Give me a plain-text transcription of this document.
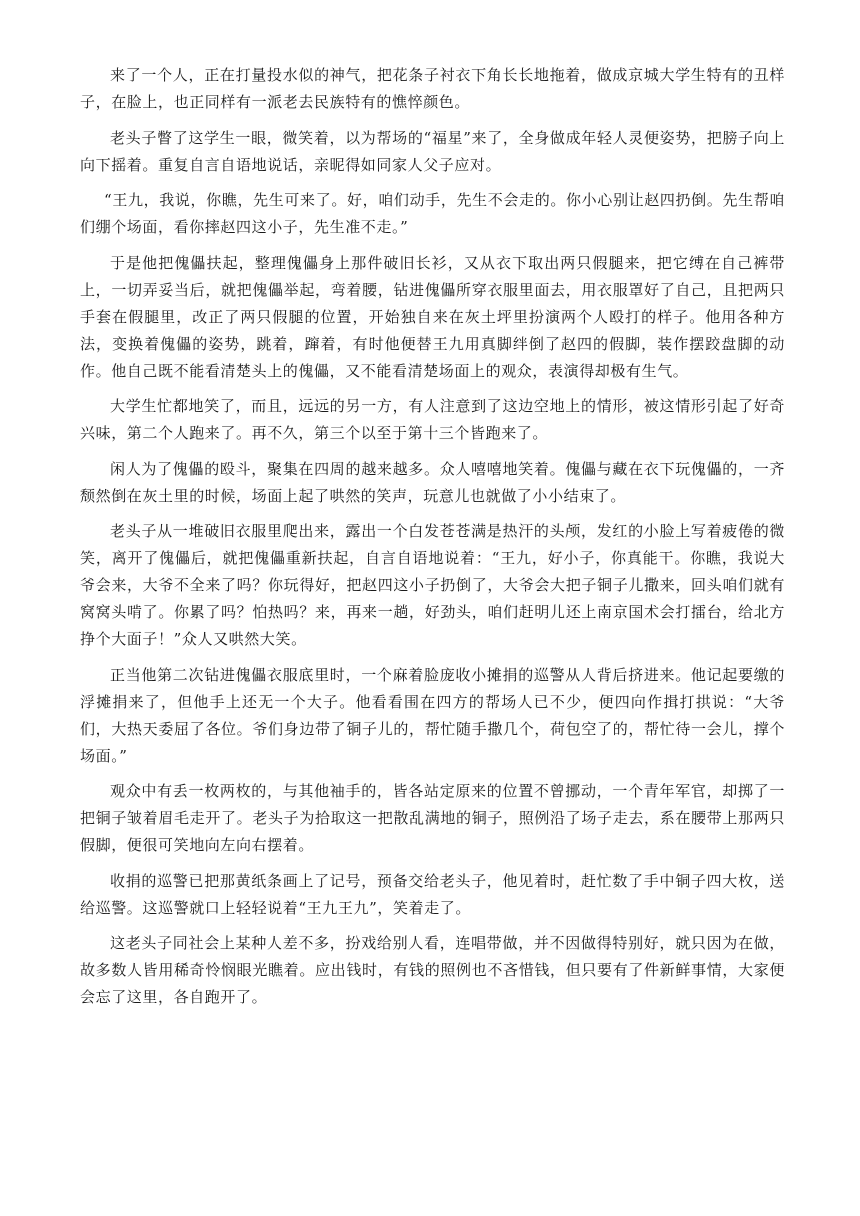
来了一个人，正在打量投水似的神气，把花条子衬衣下角长长地拖着，做成京城大学生特有的丑样子，在脸上，也正同样有一派老去民族特有的憔悴颜色。

老头子瞥了这学生一眼，微笑着，以为帮场的“福星”来了，全身做成年轻人灵便姿势，把膀子向上向下摇着。重复自言自语地说话，亲昵得如同家人父子应对。

“王九，我说，你瞧，先生可来了。好，咱们动手，先生不会走的。你小心别让赵四扔倒。先生帮咱们绷个场面，看你摔赵四这小子，先生准不走。”

于是他把傀儡扶起，整理傀儡身上那件破旧长衫，又从衣下取出两只假腿来，把它缚在自己裤带上，一切弄妥当后，就把傀儡举起，弯着腰，钻进傀儡所穿衣服里面去，用衣服罩好了自己，且把两只手套在假腿里，改正了两只假腿的位置，开始独自来在灰土坪里扮演两个人殴打的样子。他用各种方法，变换着傀儡的姿势，跳着，蹿着，有时他便替王九用真脚绊倒了赵四的假脚，装作摆跤盘脚的动作。他自己既不能看清楚头上的傀儡，又不能看清楚场面上的观众，表演得却极有生气。

大学生忙都地笑了，而且，远远的另一方，有人注意到了这边空地上的情形，被这情形引起了好奇兴味，第二个人跑来了。再不久，第三个以至于第十三个皆跑来了。

闲人为了傀儡的殴斗，聚集在四周的越来越多。众人嘻嘻地笑着。傀儡与藏在衣下玩傀儡的，一齐颓然倒在灰土里的时候，场面上起了哄然的笑声，玩意儿也就做了小小结束了。

老头子从一堆破旧衣服里爬出来，露出一个白发苍苍满是热汗的头颅，发红的小脸上写着疲倦的微笑，离开了傀儡后，就把傀儡重新扶起，自言自语地说着：“王九，好小子，你真能干。你瞧，我说大爷会来，大爷不全来了吗？你玩得好，把赵四这小子扔倒了，大爷会大把子铜子儿撒来，回头咱们就有窝窝头啃了。你累了吗？怕热吗？来，再来一趟，好劲头，咱们赶明儿还上南京国术会打擂台，给北方挣个大面子！”众人又哄然大笑。

正当他第二次钻进傀儡衣服底里时，一个麻着脸庞收小摊捐的巡警从人背后挤进来。他记起要缴的浮摊捐来了，但他手上还无一个大子。他看看围在四方的帮场人已不少，便四向作揖打拱说：“大爷们，大热天委屈了各位。爷们身边带了铜子儿的，帮忙随手撒几个，荷包空了的，帮忙待一会儿，撑个场面。”

观众中有丢一枚两枚的，与其他袖手的，皆各站定原来的位置不曾挪动，一个青年军官，却掷了一把铜子皱着眉毛走开了。老头子为拾取这一把散乱满地的铜子，照例沿了场子走去，系在腰带上那两只假脚，便很可笑地向左向右摆着。

收捐的巡警已把那黄纸条画上了记号，预备交给老头子，他见着时，赶忙数了手中铜子四大枚，送给巡警。这巡警就口上轻轻说着“王九王九”，笑着走了。

这老头子同社会上某种人差不多，扮戏给别人看，连唱带做，并不因做得特别好，就只因为在做，故多数人皆用稀奇怜悯眼光瞧着。应出钱时，有钱的照例也不吝惜钱，但只要有了件新鲜事情，大家便会忘了这里，各自跑开了。
